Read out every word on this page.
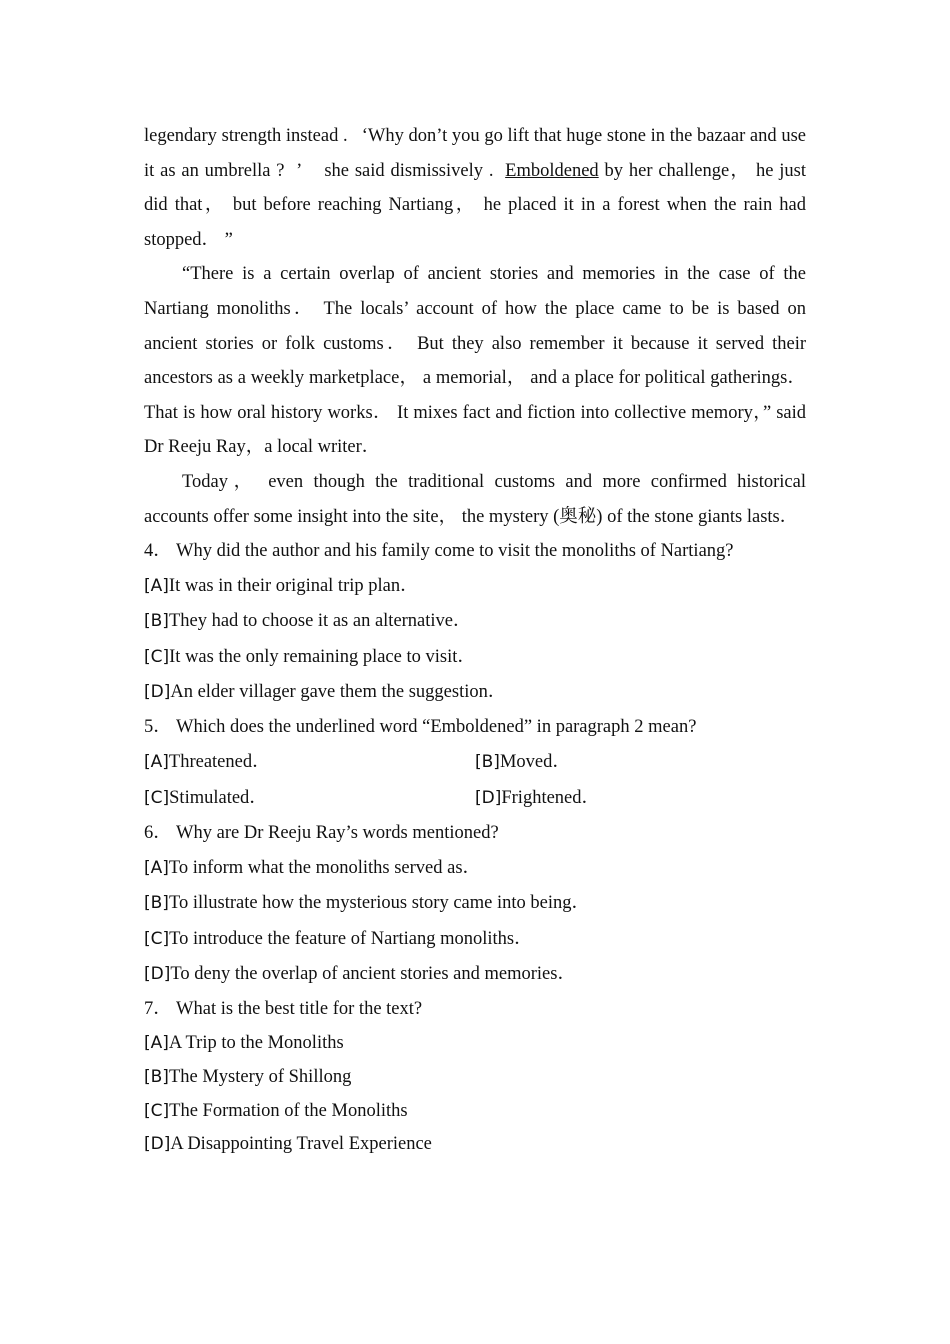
legendary strength instead .   ‘Why don’t you go lift that huge stone in the bazaar and use it as an umbrella ?  ’    she said dismissively .  Emboldened by her challenge， he just did that， but before reaching Nartiang， he placed it in a forest when the rain had stopped． ”

“There is a certain overlap of ancient stories and memories in the case of the Nartiang monoliths． The locals’ account of how the place came to be is based on ancient stories or folk customs． But they also remember it because it served their ancestors as a weekly marketplace， a memorial， and a place for political gatherings． That is how oral history works． It mixes fact and fiction into collective memory，” said Dr Reeju Ray，a local writer．

Today， even though the traditional customs and more confirmed historical accounts offer some insight into the site， the mystery (奥秘) of the stone giants lasts．

4． Why did the author and his family come to visit the monoliths of Nartiang?

[A]It was in their original trip plan．

[B]They had to choose it as an alternative．

[C]It was the only remaining place to visit．

[D]An elder villager gave them the suggestion．

5． Which does the underlined word “Emboldened” in paragraph 2 mean?

[A]Threatened．	[B]Moved．
[C]Stimulated．	[D]Frightened．

6． Why are Dr Reeju Ray’s words mentioned?

[A]To inform what the monoliths served as．

[B]To illustrate how the mysterious story came into being．

[C]To introduce the feature of Nartiang monoliths．

[D]To deny the overlap of ancient stories and memories．

7． What is the best title for the text?

[A]A Trip to the Monoliths

[B]The Mystery of Shillong

[C]The Formation of the Monoliths

[D]A Disappointing Travel Experience
